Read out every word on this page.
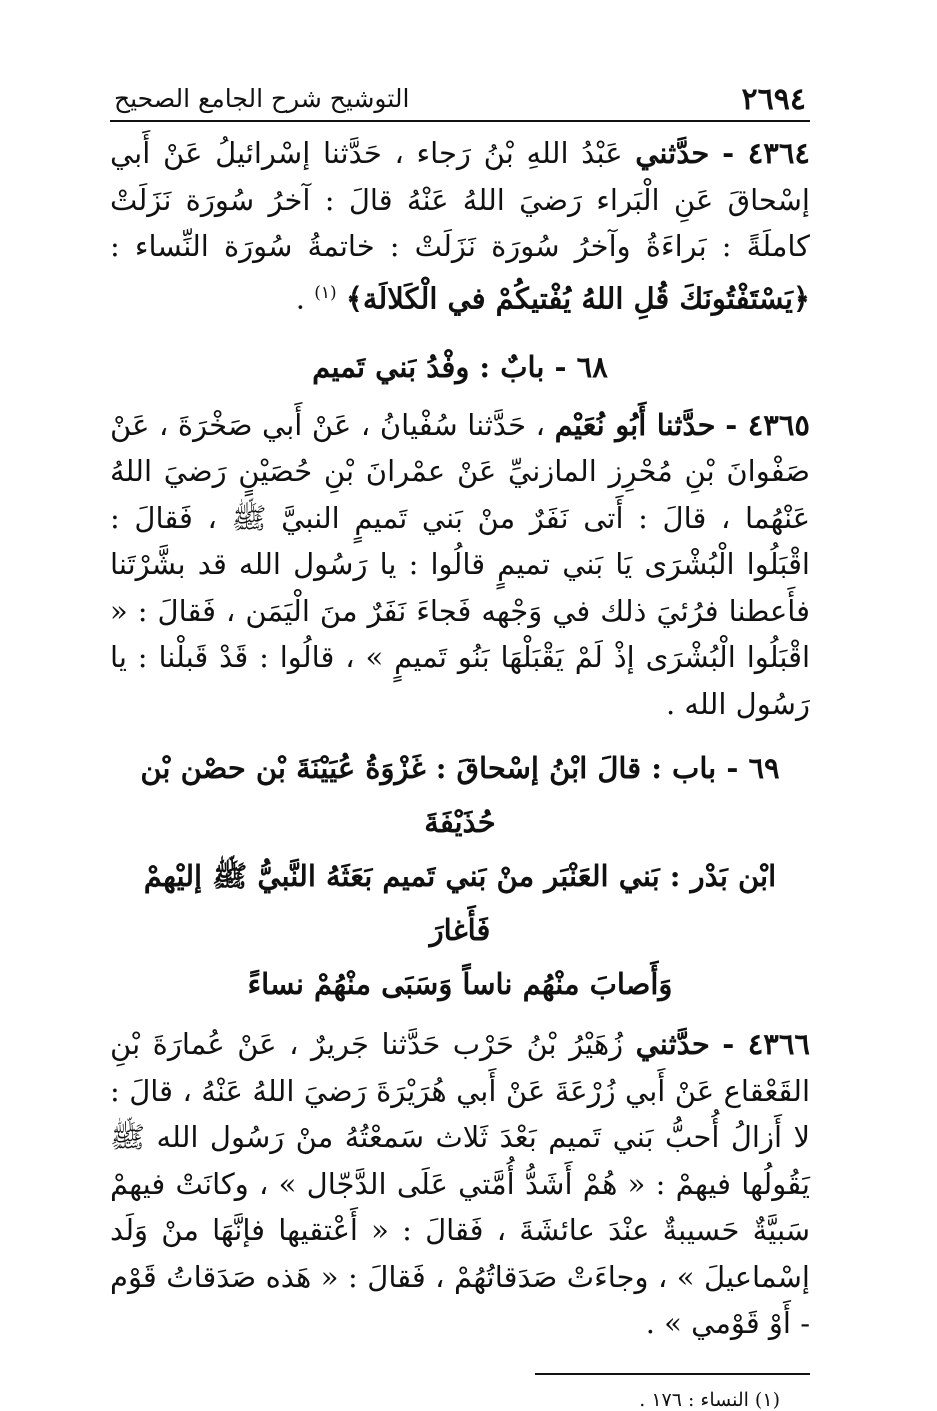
٢٦٩٤
التوشيح شرح الجامع الصحيح

٤٣٦٤ - حدَّثني عَبْدُ اللهِ بْنُ رَجاء ، حَدَّثنا إسْرائيلُ عَنْ أَبي إسْحاقَ عَنِ الْبَراء رَضيَ اللهُ عَنْهُ قالَ : آخرُ سُورَة نَزَلَتْ كاملَةً : بَراءَةُ وآخرُ سُورَة نَزَلَتْ : خاتمةُ سُورَة النِّساء : ﴿يَسْتَفْتُونَكَ قُلِ اللهُ يُفْتيكُمْ في الْكَلالَة﴾ $^{(١)}$ .

٦٨ - بابٌ : وفْدُ بَني تَميم

٤٣٦٥ - حدَّثنا أَبُو نُعَيْم ، حَدَّثنا سُفْيانُ ، عَنْ أَبي صَخْرَةَ ، عَنْ صَفْوانَ بْنِ مُحْرِز المازنيِّ عَنْ عمْرانَ بْنِ حُصَيْنٍ رَضيَ اللهُ عَنْهُما ، قالَ : أَتى نَفَرٌ منْ بَني تَميمٍ النبيَّ ﷺ ، فَقالَ : اقْبَلُوا الْبُشْرَى يَا بَني تميمٍ قالُوا : يا رَسُول الله قد بشَّرْتَنا فأَعطنا فرُئيَ ذلك في وَجْهه فَجاءَ نَفَرٌ منَ الْيَمَن ، فَقالَ : « اقْبَلُوا الْبُشْرَى إذْ لَمْ يَقْبَلْهَا بَنُو تَميمٍ » ، قالُوا : قَدْ قَبلْنا : يا رَسُول الله .

٦٩ - باب : قالَ ابْنُ إسْحاقَ : غَزْوَةُ عُيَيْنَةَ بْن حصْن بْن حُذَيْفَةَ
ابْن بَدْر : بَني العَنْبَر منْ بَني تَميم بَعَثَهُ النَّبيُّ ﷺ إليْهمْ فَأَغارَ
وَأَصابَ منْهُم ناساً وَسَبَى منْهُمْ نساءً

٤٣٦٦ - حدَّثني زُهَيْرُ بْنُ حَرْب حَدَّثنا جَريرٌ ، عَنْ عُمارَةَ بْنِ القَعْقاع عَنْ أَبي زُرْعَةَ عَنْ أَبي هُرَيْرَةَ رَضيَ اللهُ عَنْهُ ، قالَ : لا أَزالُ أُحبُّ بَني تَميم بَعْدَ ثَلاث سَمعْتُهُ منْ رَسُول الله ﷺ يَقُولُها فيهمْ : « هُمْ أَشَدُّ أُمَّتي عَلَى الدَّجّال » ، وكانَتْ فيهمْ سَبيَّةٌ حَسيبةٌ عنْدَ عائشَةَ ، فَقالَ : « أَعْتقيها فإنَّهَا منْ وَلَد إسْماعيلَ » ، وجاءَتْ صَدَقاتُهُمْ ، فَقالَ : « هَذه صَدَقاتُ قَوْم - أَوْ قَوْمي » .

(١) النساء : ١٧٦ .
